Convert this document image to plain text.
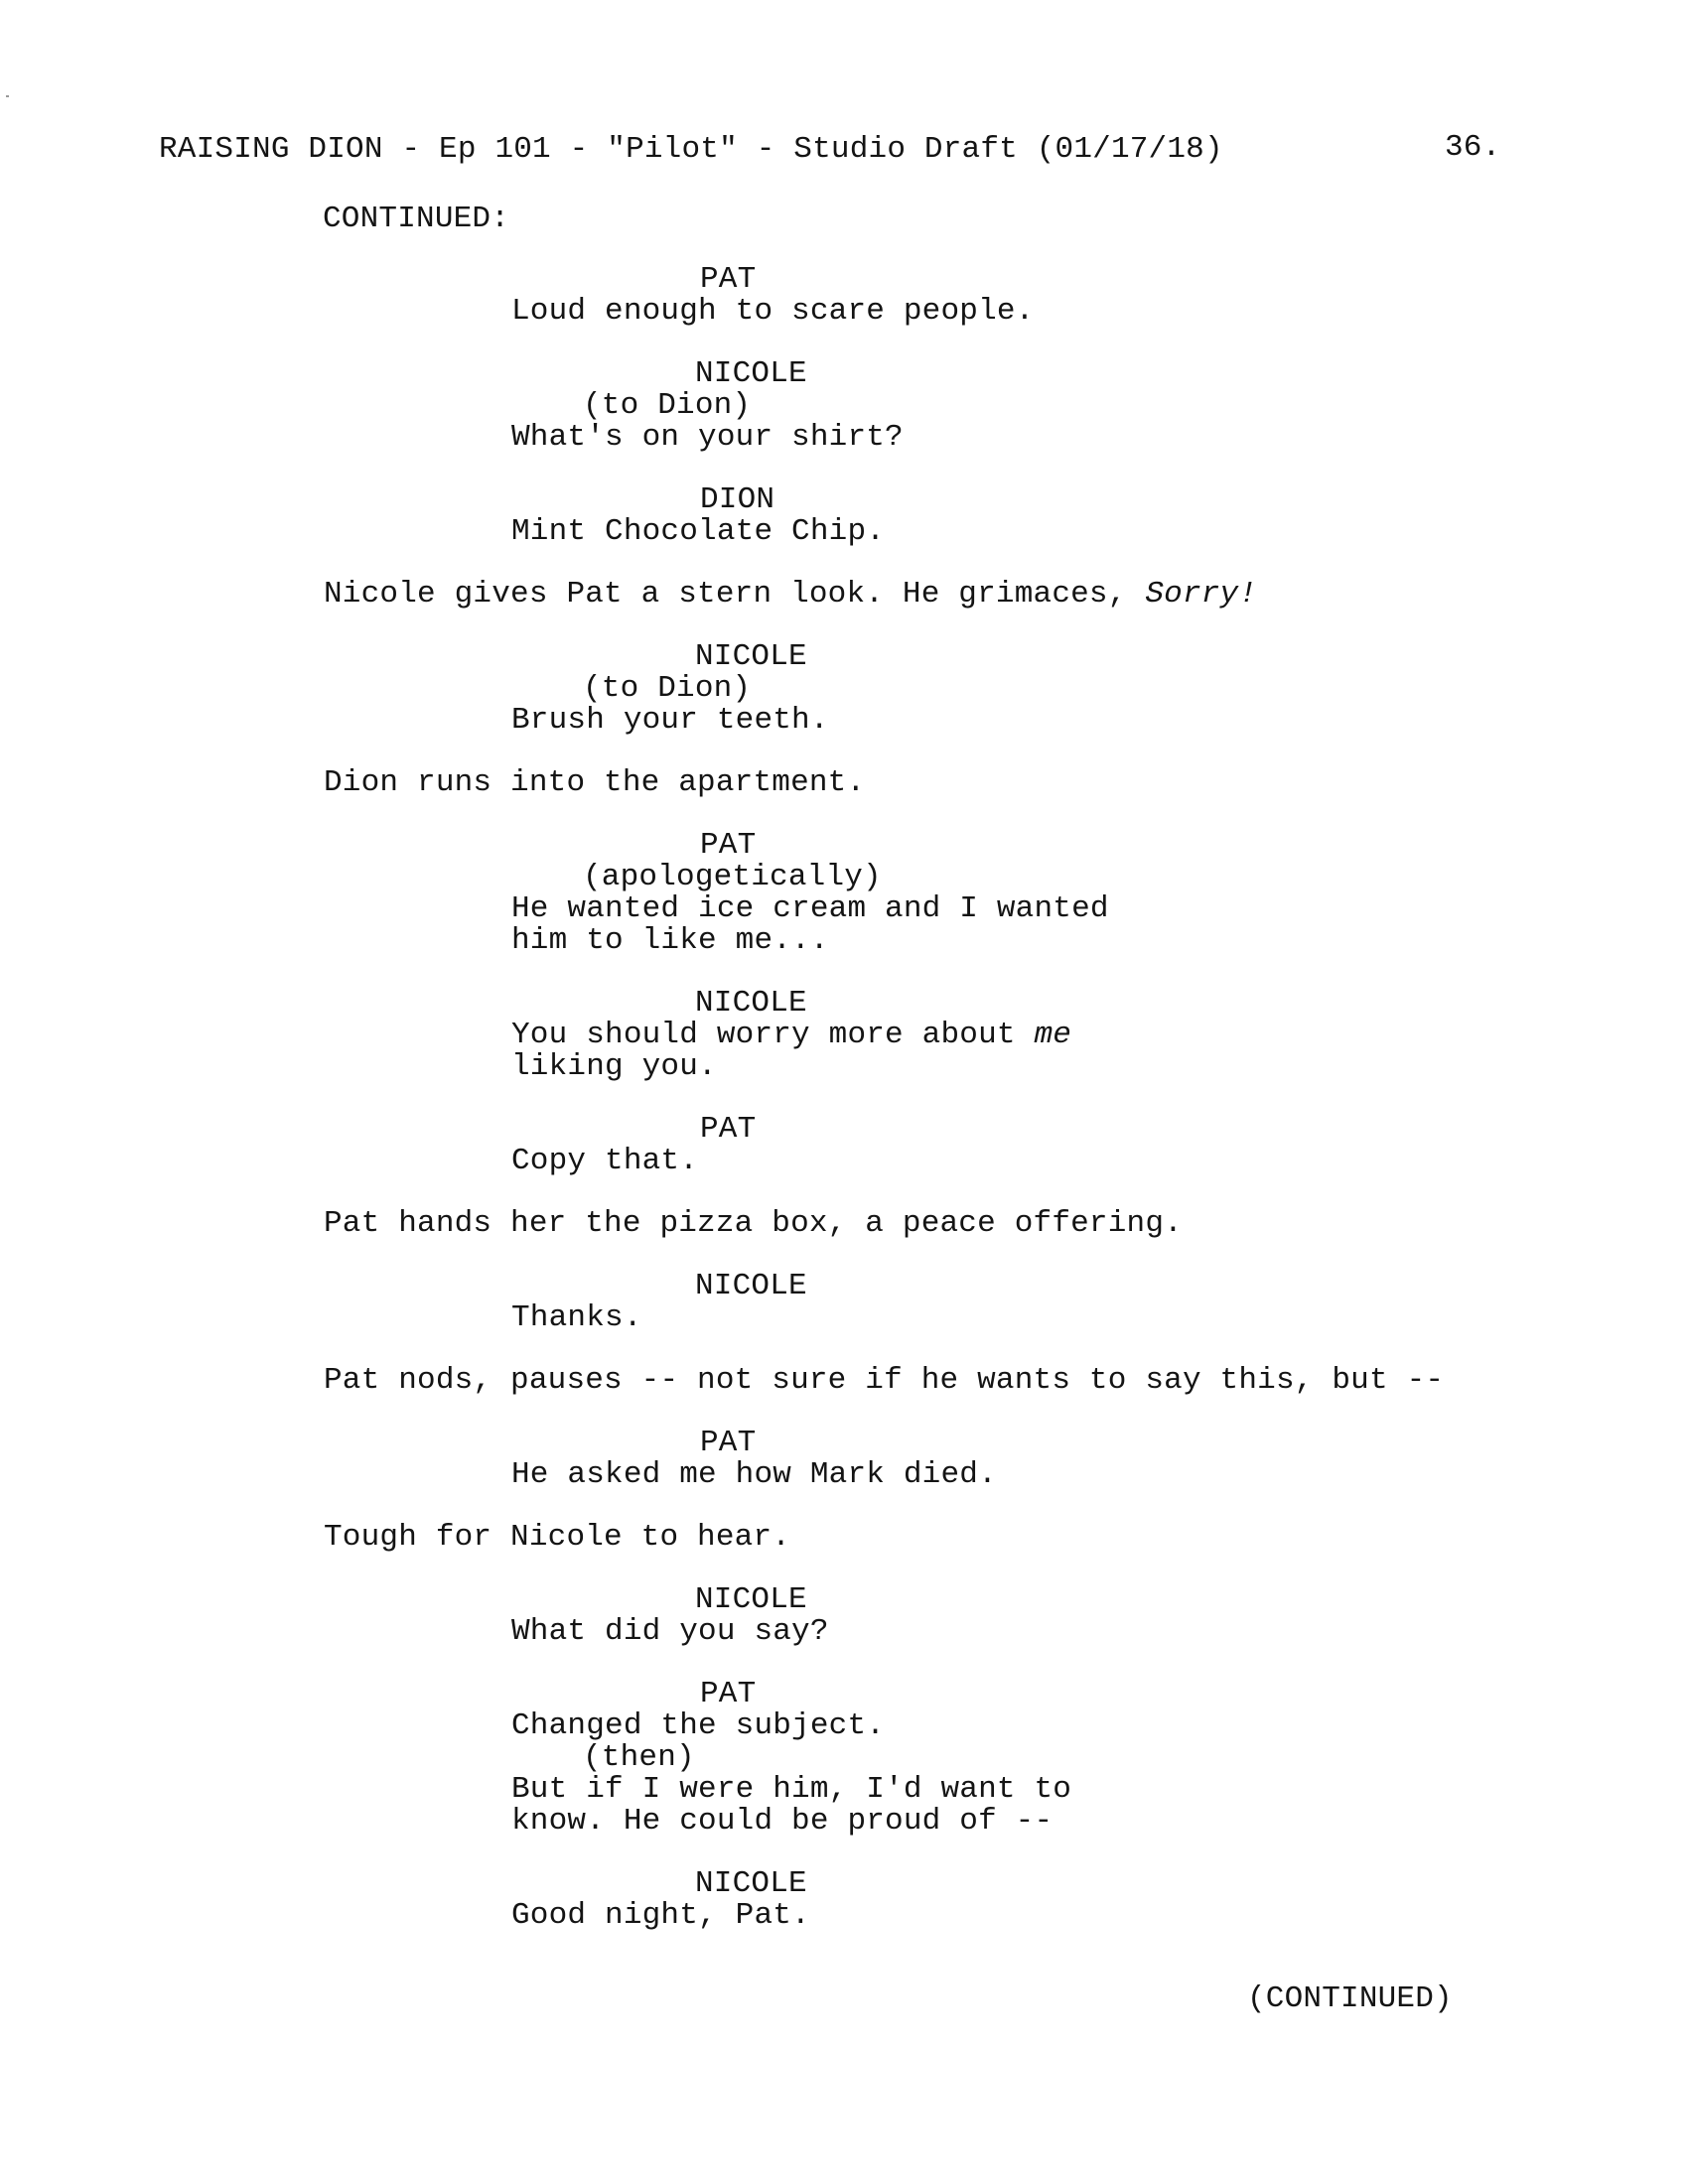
RAISING DION - Ep 101 - "Pilot" - Studio Draft (01/17/18)	36.
CONTINUED:
PAT
Loud enough to scare people.
NICOLE
(to Dion)
What's on your shirt?
DION
Mint Chocolate Chip.
Nicole gives Pat a stern look. He grimaces, Sorry!
NICOLE
(to Dion)
Brush your teeth.
Dion runs into the apartment.
PAT
(apologetically)
He wanted ice cream and I wanted
him to like me...
NICOLE
You should worry more about me
liking you.
PAT
Copy that.
Pat hands her the pizza box, a peace offering.
NICOLE
Thanks.
Pat nods, pauses -- not sure if he wants to say this, but --
PAT
He asked me how Mark died.
Tough for Nicole to hear.
NICOLE
What did you say?
PAT
Changed the subject.
(then)
But if I were him, I'd want to
know. He could be proud of --
NICOLE
Good night, Pat.
(CONTINUED)
